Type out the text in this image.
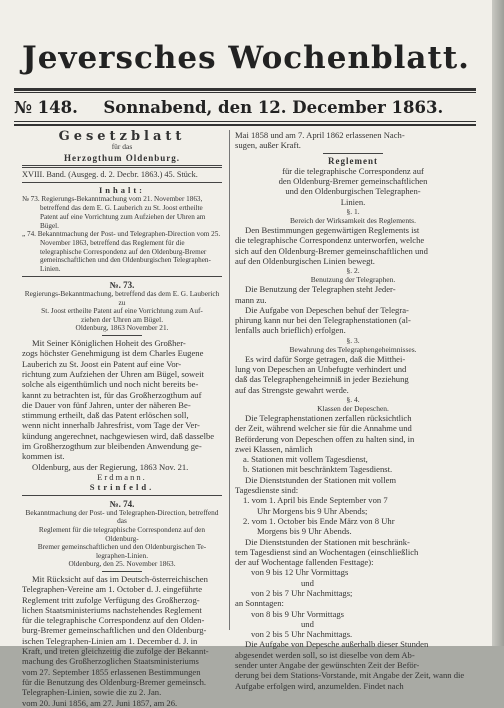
Jeversches Wochenblatt.
№ 148. Sonnabend, den 12. December 1863.
Gesetzblatt
für das
Herzogthum Oldenburg.
XVIII. Band. (Ausgeg. d. 2. Decbr. 1863.) 45. Stück.
Inhalt:
№ 73. Regierungs-Bekanntmachung vom 21. November 1863, betreffend das dem E. G. Lauberich zu St. Joost ertheilte Patent auf eine Vorrichtung zum Aufziehen der Uhren am Bügel.
„ 74. Bekanntmachung der Post- und Telegraphen-Direction vom 25. November 1863, betreffend das Reglement für die telegraphische Correspondenz auf den Oldenburg-Bremer gemeinschaftlichen und den Oldenburgischen Telegraphen-Linien.
№. 73.
Regierungs-Bekanntmachung, betreffend das dem E. G. Lauberich zu
St. Joost ertheilte Patent auf eine Vorrichtung zum Auf-
ziehen der Uhren am Bügel.
Oldenburg, 1863 November 21.
Mit Seiner Königlichen Hoheit des Großher-
zogs höchster Genehmigung ist dem Charles Eugene
Lauberich zu St. Joost ein Patent auf eine Vor-
richtung zum Aufziehen der Uhren am Bügel, soweit
solche als eigenthümlich und noch nicht bereits be-
kannt zu betrachten ist, für das Großherzogthum auf
die Dauer von fünf Jahren, unter der näheren Be-
stimmung ertheilt, daß das Patent erlöschen soll,
wenn nicht innerhalb Jahresfrist, vom Tage der Ver-
kündung angerechnet, nachgewiesen wird, daß dasselbe
im Großherzogthum zur bleibenden Anwendung ge-
kommen ist.
Oldenburg, aus der Regierung, 1863 Nov. 21.
Erdmann.
Strinfeld.
№. 74.
Bekanntmachung der Post- und Telegraphen-Direction, betreffend das
Reglement für die telegraphische Correspondenz auf den Oldenburg-
Bremer gemeinschaftlichen und den Oldenburgischen Te-
legraphen-Linien.
Oldenburg, den 25. November 1863.
Mit Rücksicht auf das im Deutsch-österreichischen
Telegraphen-Vereine am 1. October d. J. eingeführte
Reglement tritt zufolge Verfügung des Großherzog-
lichen Staatsministeriums nachstehendes Reglement
für die telegraphische Correspondenz auf den Olden-
burg-Bremer gemeinschaftlichen und den Oldenburg-
ischen Telegraphen-Linien am 1. December d. J. in
Kraft, und treten gleichzeitig die zufolge der Bekannt-
machung des Großherzoglichen Staatsministeriums
vom 27. September 1855 erlassenen Bestimmungen
für die Benutzung des Oldenburg-Bremer gemeinsch.
Telegraphen-Linien, sowie die zu 2. Jan.
vom 20. Juni 1856, am 27. Juni 1857, am 26.
Mai 1858 und am 7. April 1862 erlassenen Nach-
sugen, außer Kraft.
Reglement
für die telegraphische Correspondenz auf
den Oldenburg-Bremer gemeinschaftlichen
und den Oldenburgischen Telegraphen-
Linien.
§. 1.
Bereich der Wirksamkeit des Reglements.
Den Bestimmungen gegenwärtigen Reglements ist
die telegraphische Correspondenz unterworfen, welche
sich auf den Oldenburg-Bremer gemeinschaftlichen und
auf den Oldenburgischen Linien bewegt.
§. 2.
Benutzung der Telegraphen.
Die Benutzung der Telegraphen steht Jeder-
mann zu.
Die Aufgabe von Depeschen behuf der Telegra-
phirung kann nur bei den Telegraphenstationen (al-
lenfalls auch brieflich) erfolgen.
§. 3.
Bewahrung des Telegraphengeheimnisses.
Es wird dafür Sorge getragen, daß die Mitthei-
lung von Depeschen an Unbefugte verhindert und
daß das Telegraphengeheimniß in jeder Beziehung
auf das Strengste gewahrt werde.
§. 4.
Klassen der Depeschen.
Die Telegraphenstationen zerfallen rücksichtlich
der Zeit, während welcher sie für die Annahme und
Beförderung von Depeschen offen zu halten sind, in
zwei Klassen, nämlich
a. Stationen mit vollem Tagesdienst,
b. Stationen mit beschränktem Tagesdienst.
Die Dienststunden der Stationen mit vollem
Tagesdienste sind:
1. vom 1. April bis Ende September von 7
Uhr Morgens bis 9 Uhr Abends;
2. vom 1. October bis Ende März von 8 Uhr
Morgens bis 9 Uhr Abends.
Die Dienststunden der Stationen mit beschränk-
tem Tagesdienst sind an Wochentagen (einschließlich
der auf Wochentage fallenden Festtage):
von 9 bis 12 Uhr Vormittags
und
von 2 bis 7 Uhr Nachmittags;
an Sonntagen:
von 8 bis 9 Uhr Vormittags
und
von 2 bis 5 Uhr Nachmittags.
Die Aufgabe von Depesche außerhalb dieser Stunden
abgesendet werden soll, so ist dieselbe von dem Ab-
sender unter Angabe der gewünschten Zeit der Beför-
derung bei dem Stations-Vorstande, mit Angabe der Zeit, wann die
Aufgabe erfolgen wird, anzumelden. Findet nach
